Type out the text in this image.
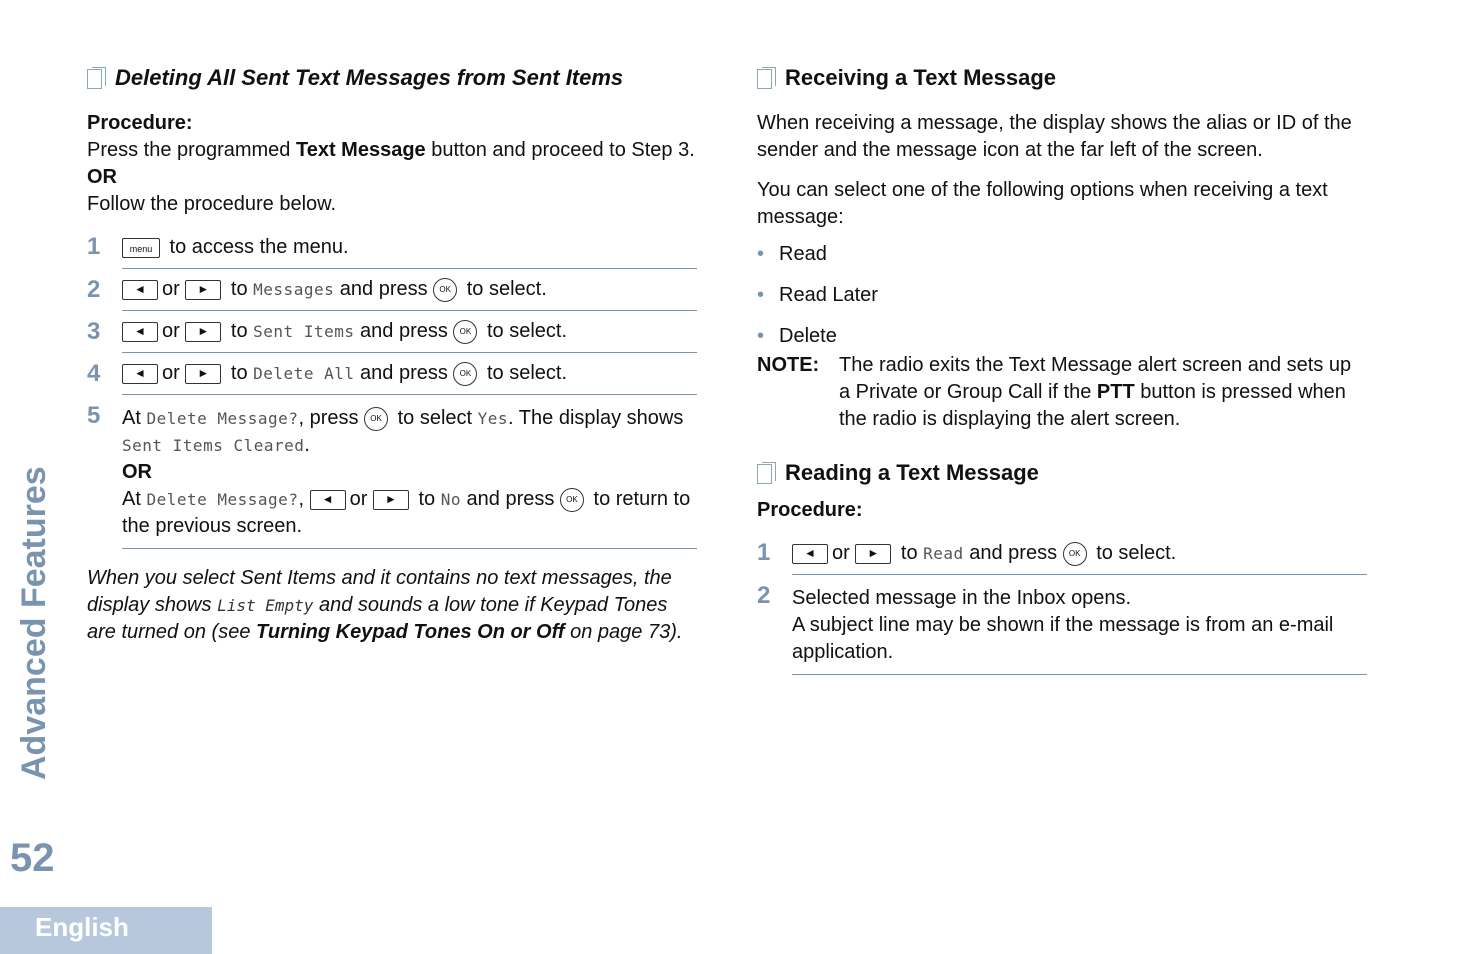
Deleting All Sent Text Messages from Sent Items

Procedure:

Press the programmed Text Message button and proceed to Step 3.

OR

Follow the procedure below.

1	menu to access the menu.
2	◄ or ► to Messages and press OK to select.
3	◄ or ► to Sent Items and press OK to select.
4	◄ or ► to Delete All and press OK to select.
5	At Delete Message?, press OK to select Yes. The display shows Sent Items Cleared.

OR

At Delete Message?, ◄ or ► to No and press OK to return to the previous screen.

When you select Sent Items and it contains no text messages, the display shows List Empty and sounds a low tone if Keypad Tones are turned on (see Turning Keypad Tones On or Off on page 73).

Receiving a Text Message

When receiving a message, the display shows the alias or ID of the sender and the message icon at the far left of the screen.

You can select one of the following options when receiving a text message:

• Read
• Read Later
• Delete
NOTE: The radio exits the Text Message alert screen and sets up a Private or Group Call if the PTT button is pressed when the radio is displaying the alert screen.
Reading a Text Message

Procedure:

1	◄ or ► to Read and press OK to select.
2	Selected message in the Inbox opens.

A subject line may be shown if the message is from an e-mail application.

Advanced Features
52
English
